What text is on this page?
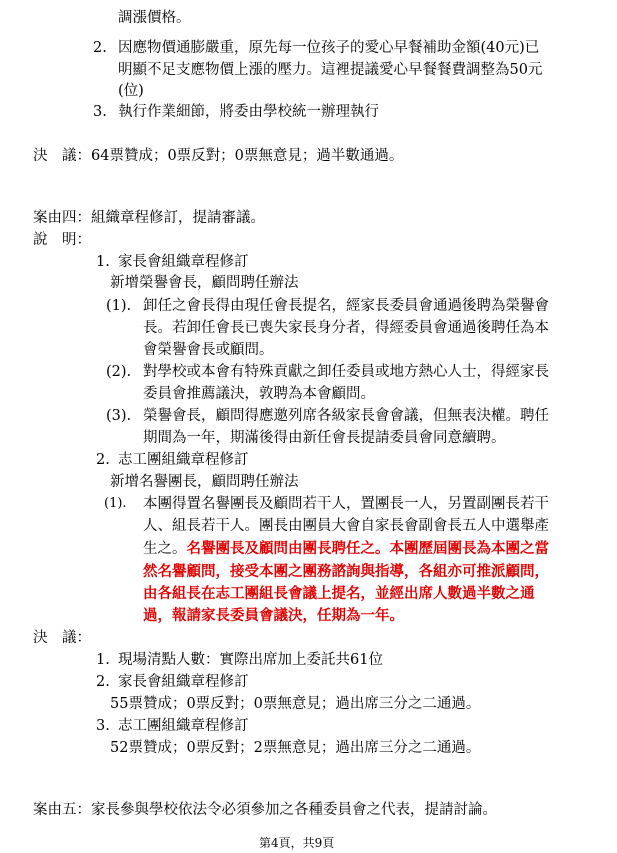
調漲價格。
2. 因應物價通膨嚴重，原先每一位孩子的愛心早餐補助金額(40元)已
明顯不足支應物價上漲的壓力。這裡提議愛心早餐餐費調整為50元
(位)
3. 執行作業細節，將委由學校統一辦理執行
決　議：64票贊成；0票反對；0票無意見；過半數通過。
案由四：組織章程修訂，提請審議。
說　明：
1. 家長會組織章程修訂
新增榮譽會長，顧問聘任辦法
(1). 卸任之會長得由現任會長提名，經家長委員會通過後聘為榮譽會
長。若卸任會長已喪失家長身分者，得經委員會通過後聘任為本
會榮譽會長或顧問。
(2). 對學校或本會有特殊貢獻之卸任委員或地方熱心人士，得經家長
委員會推薦議決，敦聘為本會顧問。
(3). 榮譽會長，顧問得應邀列席各級家長會會議，但無表決權。聘任
期間為一年，期滿後得由新任會長提請委員會同意續聘。
2. 志工團組織章程修訂
新增名譽團長，顧問聘任辦法
(1). 本團得置名譽團長及顧問若干人，置團長一人，另置副團長若干
人、組長若干人。團長由團員大會自家長會副會長五人中選舉產
生之。名譽團長及顧問由團長聘任之。本團歷屆團長為本團之當
然名譽顧問，接受本團之團務諮詢與指導，各組亦可推派顧問，
由各組長在志工團組長會議上提名，並經出席人數過半數之通
過，報請家長委員會議決，任期為一年。
決　議：
1. 現場清點人數：實際出席加上委託共61位
2. 家長會組織章程修訂
55票贊成；0票反對；0票無意見；過出席三分之二通過。
3. 志工團組織章程修訂
52票贊成；0票反對；2票無意見；過出席三分之二通過。
案由五：家長參與學校依法令必須參加之各種委員會之代表，提請討論。
第4頁，共9頁
